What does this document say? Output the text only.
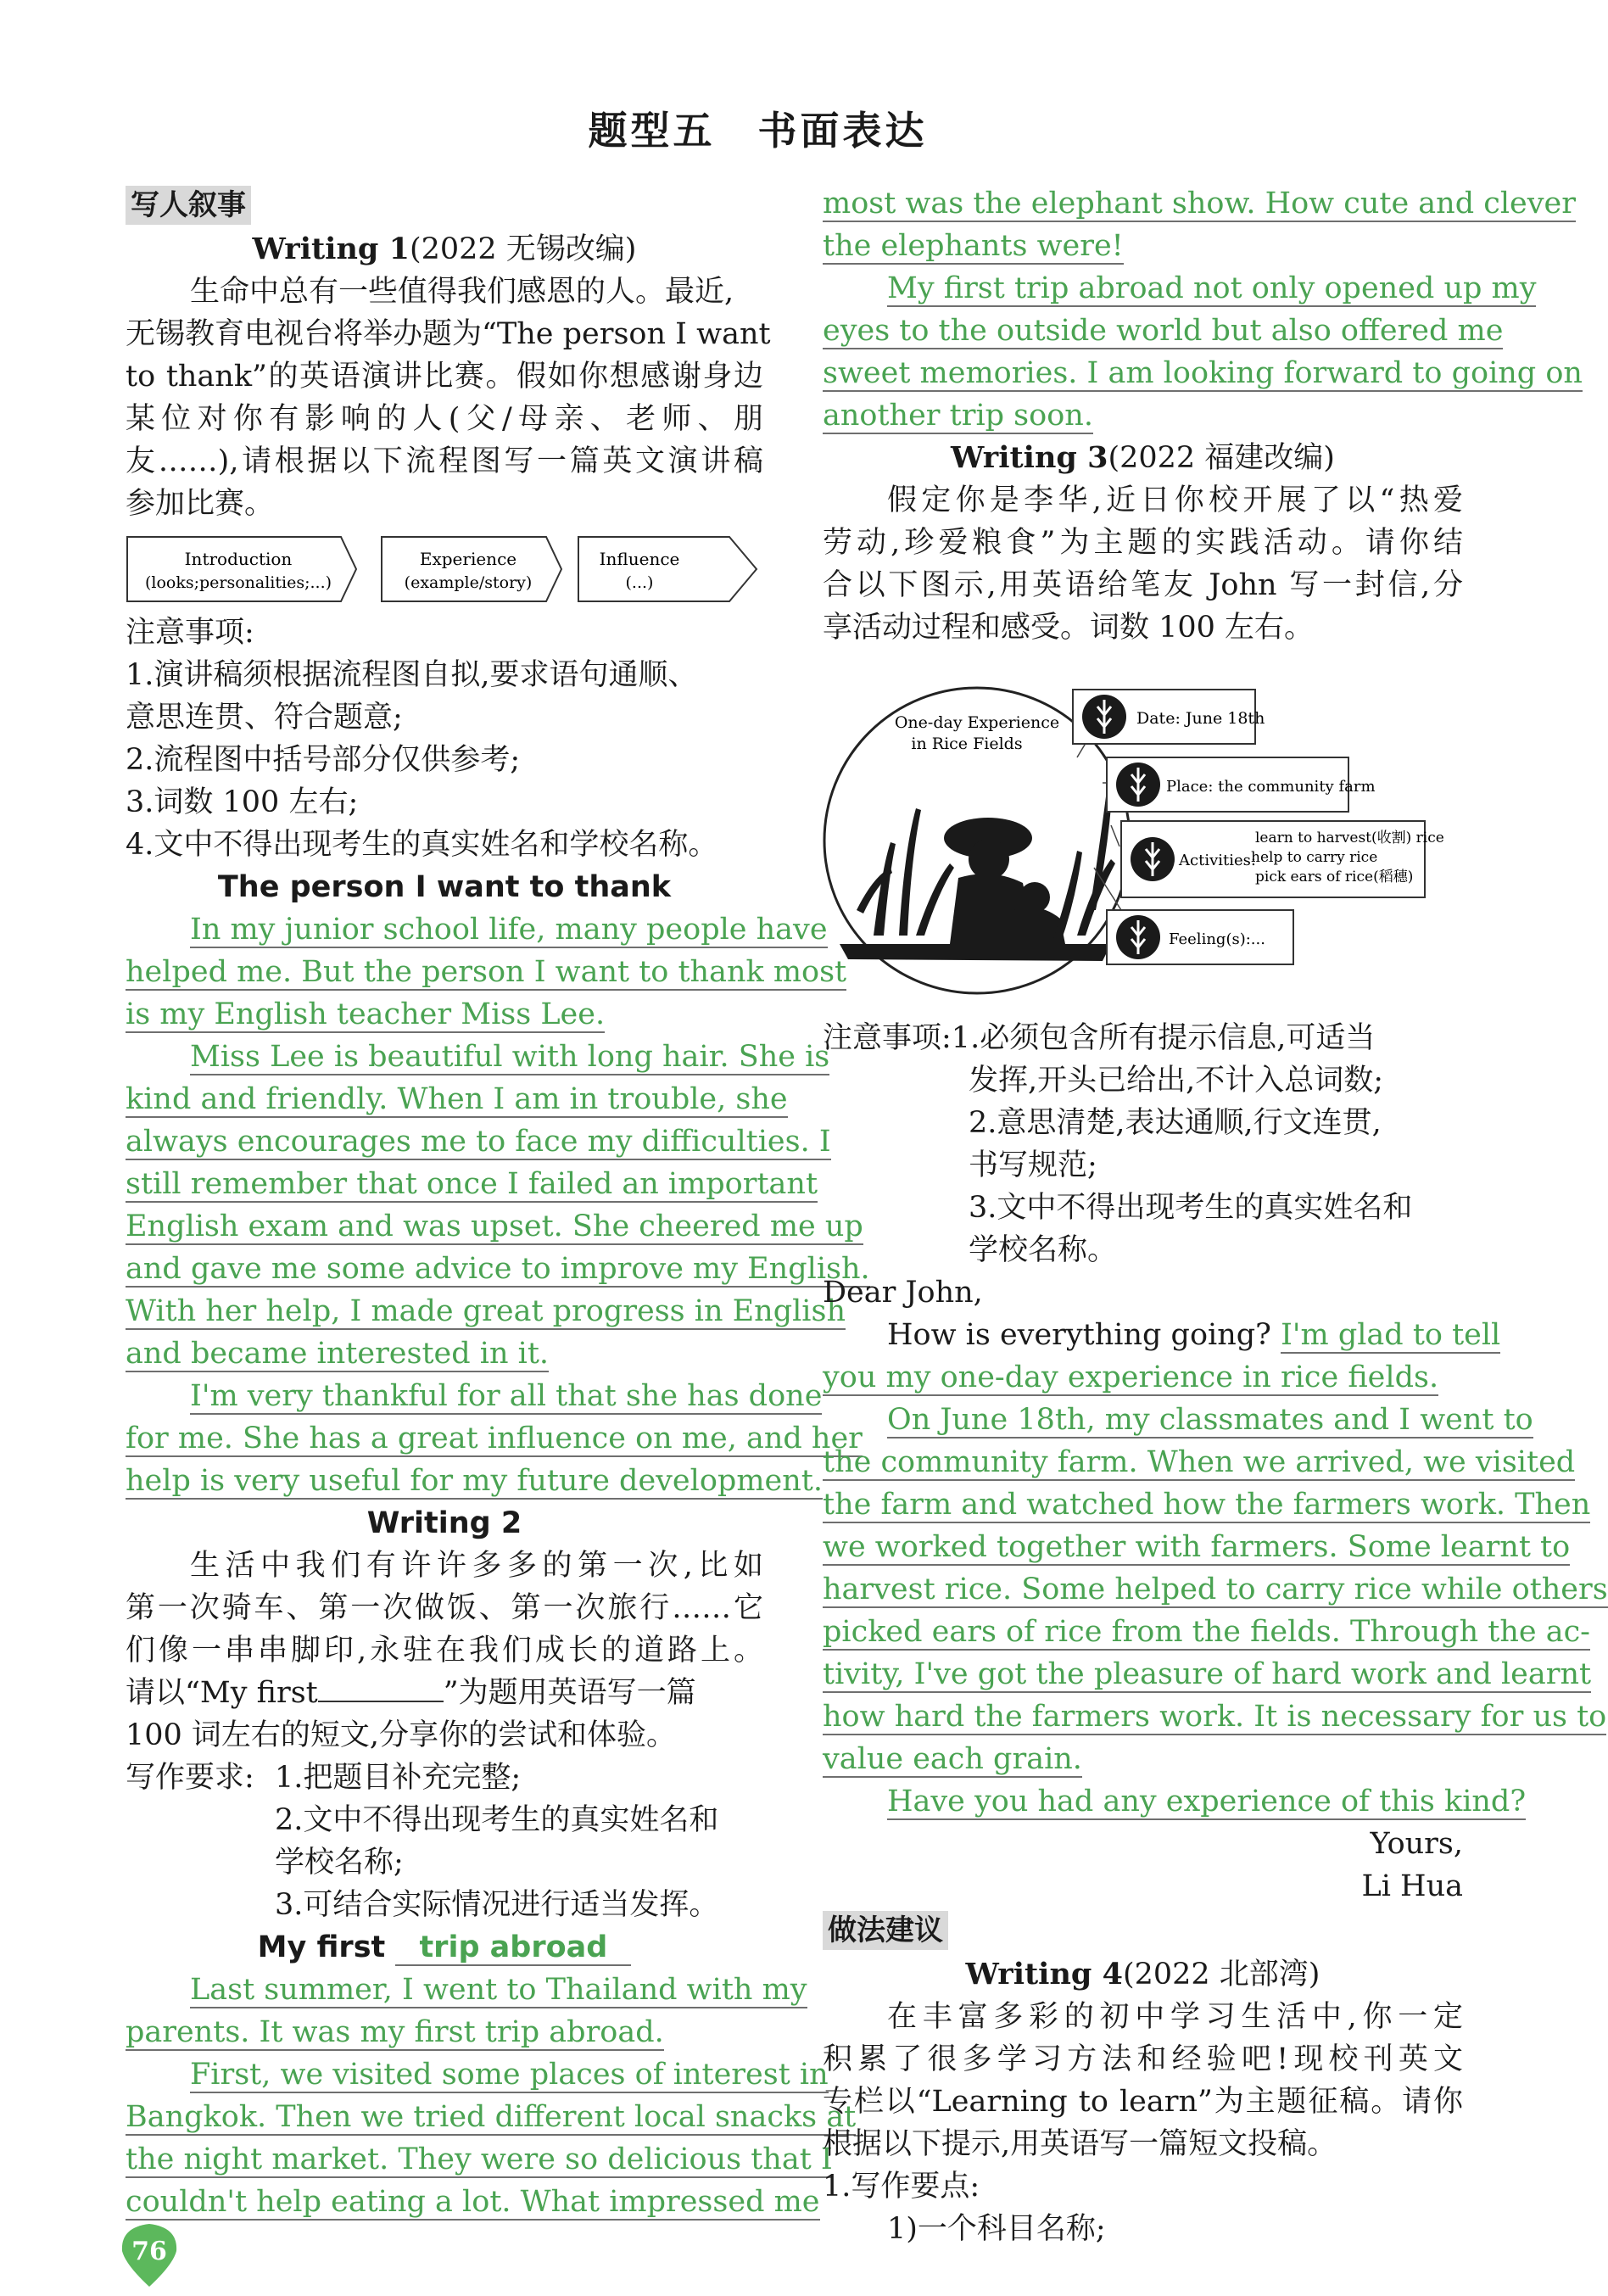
题型五　书面表达
写人叙事
Writing 1(2022 无锡改编)
生命中总有一些值得我们感恩的人。最近,
无锡教育电视台将举办题为“The person I want
to thank”的英语演讲比赛。假如你想感谢身边
某位对你有影响的人(父/母亲、老师、朋
友……),请根据以下流程图写一篇英文演讲稿
参加比赛。
Introduction
(looks;personalities;...)
Experience
(example/story)
Influence
(...)
注意事项:
1.演讲稿须根据流程图自拟,要求语句通顺、
意思连贯、符合题意;
2.流程图中括号部分仅供参考;
3.词数 100 左右;
4.文中不得出现考生的真实姓名和学校名称。
The person I want to thank
In my junior school life, many people have
helped me. But the person I want to thank most
is my English teacher Miss Lee.
Miss Lee is beautiful with long hair. She is
kind and friendly. When I am in trouble, she
always encourages me to face my difficulties. I
still remember that once I failed an important
English exam and was upset. She cheered me up
and gave me some advice to improve my English.
With her help, I made great progress in English
and became interested in it.
I'm very thankful for all that she has done
for me. She has a great influence on me, and her
help is very useful for my future development.
Writing 2
生活中我们有许许多多的第一次,比如
第一次骑车、第一次做饭、第一次旅行……它
们像一串串脚印,永驻在我们成长的道路上。
请以“My first	”为题用英语写一篇
100 词左右的短文,分享你的尝试和体验。
写作要求: 1.把题目补充完整;
2.文中不得出现考生的真实姓名和
学校名称;
3.可结合实际情况进行适当发挥。
My first trip abroad
Last summer, I went to Thailand with my
parents. It was my first trip abroad.
First, we visited some places of interest in
Bangkok. Then we tried different local snacks at
the night market. They were so delicious that I
couldn't help eating a lot. What impressed me
most was the elephant show. How cute and clever
the elephants were!
My first trip abroad not only opened up my
eyes to the outside world but also offered me
sweet memories. I am looking forward to going on
another trip soon.
Writing 3(2022 福建改编)
假定你是李华,近日你校开展了以“热爱
劳动,珍爱粮食”为主题的实践活动。请你结
合以下图示,用英语给笔友 John 写一封信,分
享活动过程和感受。词数 100 左右。
One-day Experience
in Rice Fields
Date: June 18th
Place: the community farm
Activities:
learn to harvest(收割) rice
help to carry rice
pick ears of rice(稻穗)
Feeling(s):...
注意事项:1.必须包含所有提示信息,可适当
发挥,开头已给出,不计入总词数;
2.意思清楚,表达通顺,行文连贯,
书写规范;
3.文中不得出现考生的真实姓名和
学校名称。
Dear John,
How is everything going? I'm glad to tell
you my one-day experience in rice fields.
On June 18th, my classmates and I went to
the community farm. When we arrived, we visited
the farm and watched how the farmers work. Then
we worked together with farmers. Some learnt to
harvest rice. Some helped to carry rice while others
picked ears of rice from the fields. Through the ac-
tivity, I've got the pleasure of hard work and learnt
how hard the farmers work. It is necessary for us to
value each grain.
Have you had any experience of this kind?
Yours,
Li Hua
做法建议
Writing 4(2022 北部湾)
在丰富多彩的初中学习生活中,你一定
积累了很多学习方法和经验吧!现校刊英文
专栏以“Learning to learn”为主题征稿。请你
根据以下提示,用英语写一篇短文投稿。
1.写作要点:
1)一个科目名称;
76
